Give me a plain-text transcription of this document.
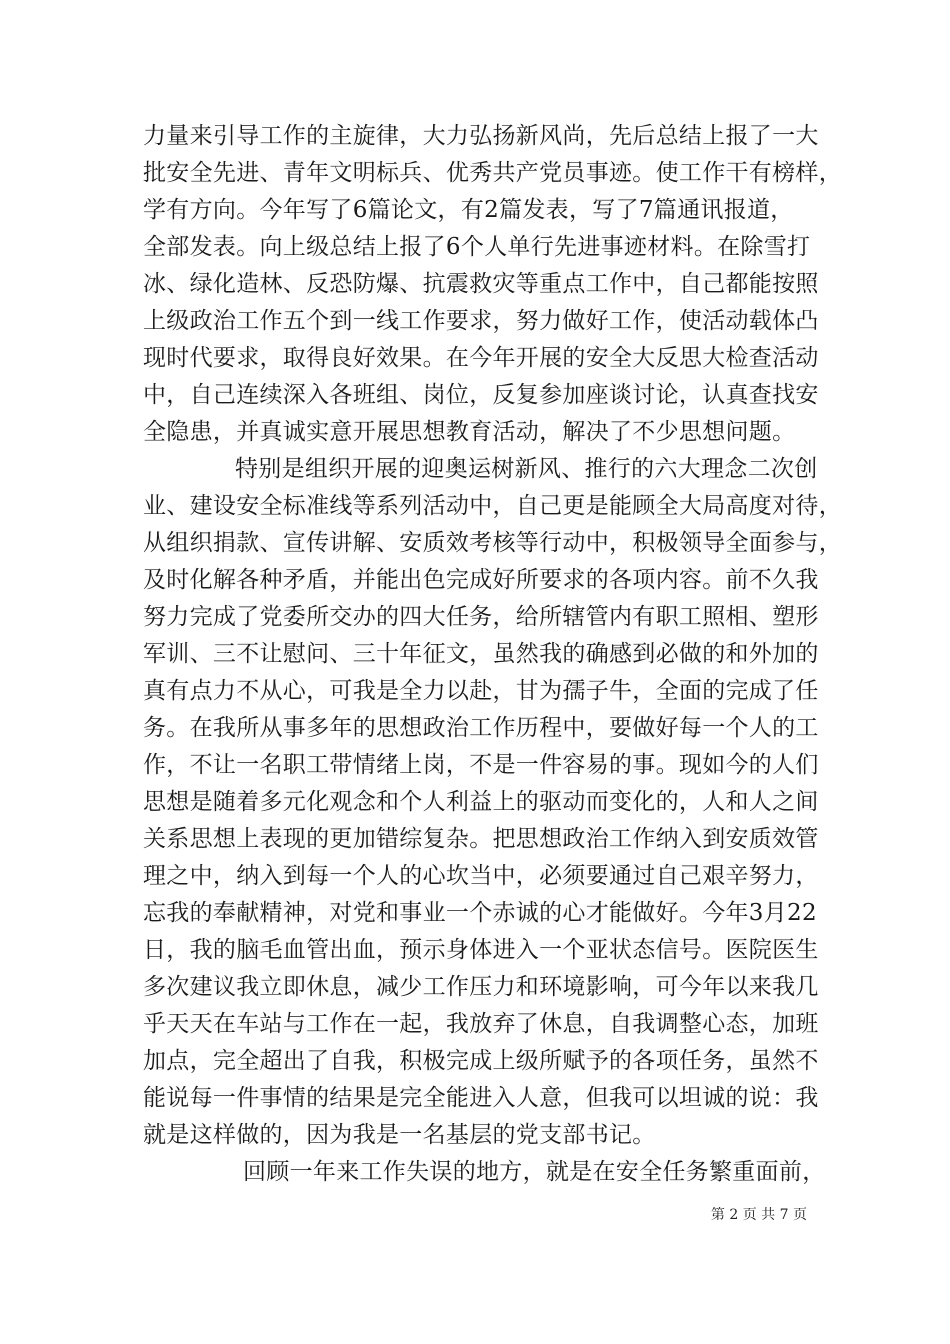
力量来引导工作的主旋律，大力弘扬新风尚，先后总结上报了一大
批安全先进、青年文明标兵、优秀共产党员事迹。使工作干有榜样，
学有方向。今年写了6篇论文，有2篇发表，写了7篇通讯报道，
全部发表。向上级总结上报了6个人单行先进事迹材料。在除雪打
冰、绿化造林、反恐防爆、抗震救灾等重点工作中，自己都能按照
上级政治工作五个到一线工作要求，努力做好工作，使活动载体凸
现时代要求，取得良好效果。在今年开展的安全大反思大检查活动
中，自己连续深入各班组、岗位，反复参加座谈讨论，认真查找安
全隐患，并真诚实意开展思想教育活动，解决了不少思想问题。
特别是组织开展的迎奥运树新风、推行的六大理念二次创
业、建设安全标准线等系列活动中，自己更是能顾全大局高度对待，
从组织捐款、宣传讲解、安质效考核等行动中，积极领导全面参与，
及时化解各种矛盾，并能出色完成好所要求的各项内容。前不久我
努力完成了党委所交办的四大任务，给所辖管内有职工照相、塑形
军训、三不让慰问、三十年征文，虽然我的确感到必做的和外加的
真有点力不从心，可我是全力以赴，甘为孺子牛，全面的完成了任
务。在我所从事多年的思想政治工作历程中，要做好每一个人的工
作，不让一名职工带情绪上岗，不是一件容易的事。现如今的人们
思想是随着多元化观念和个人利益上的驱动而变化的，人和人之间
关系思想上表现的更加错综复杂。把思想政治工作纳入到安质效管
理之中，纳入到每一个人的心坎当中，必须要通过自己艰辛努力，
忘我的奉献精神，对党和事业一个赤诚的心才能做好。今年3月22
日，我的脑毛血管出血，预示身体进入一个亚状态信号。医院医生
多次建议我立即休息，减少工作压力和环境影响，可今年以来我几
乎天天在车站与工作在一起，我放弃了休息，自我调整心态，加班
加点，完全超出了自我，积极完成上级所赋予的各项任务，虽然不
能说每一件事情的结果是完全能进入人意，但我可以坦诚的说：我
就是这样做的，因为我是一名基层的党支部书记。
回顾一年来工作失误的地方，就是在安全任务繁重面前，
第 2 页 共 7 页
